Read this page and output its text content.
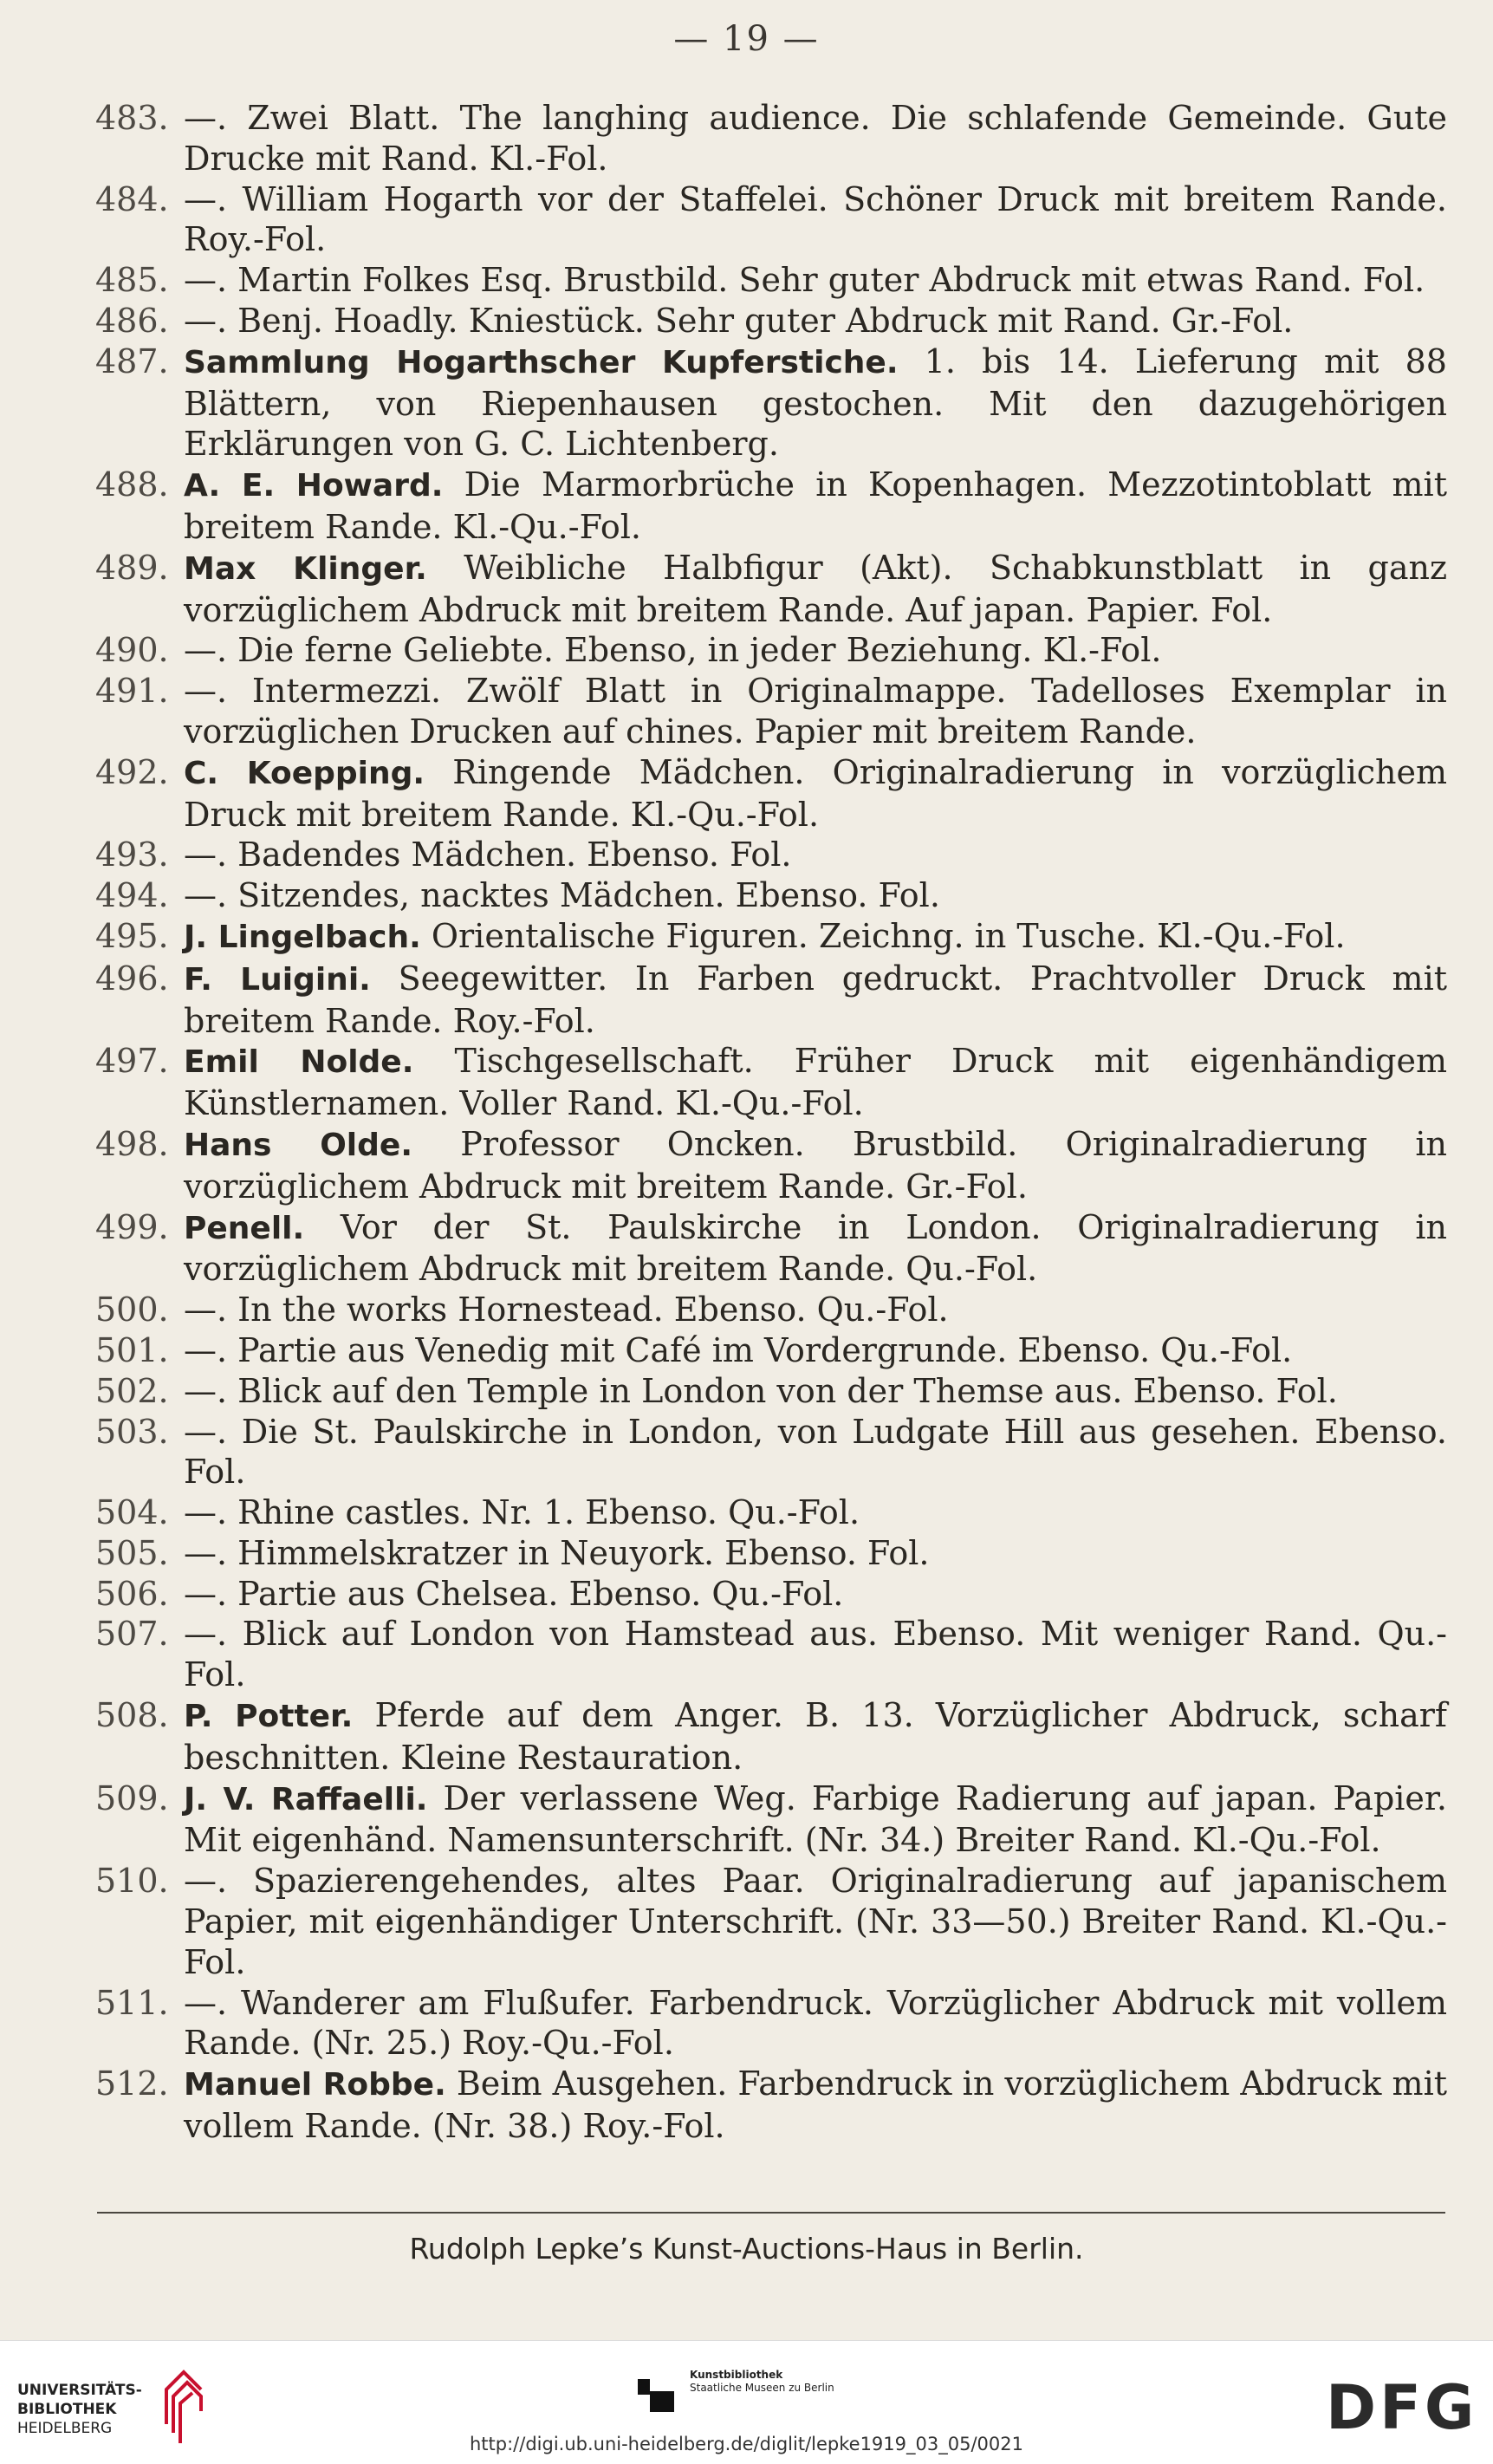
— 19 —
483. —. Zwei Blatt. The langhing audience. Die schlafende Gemeinde. Gute Drucke mit Rand. Kl.-Fol.
484. —. William Hogarth vor der Staffelei. Schöner Druck mit breitem Rande. Roy.-Fol.
485. —. Martin Folkes Esq. Brustbild. Sehr guter Abdruck mit etwas Rand. Fol.
486. —. Benj. Hoadly. Kniestück. Sehr guter Abdruck mit Rand. Gr.-Fol.
487. Sammlung Hogarthscher Kupferstiche. 1. bis 14. Lieferung mit 88 Blättern, von Riepenhausen gestochen. Mit den dazugehörigen Erklärungen von G. C. Lichtenberg.
488. A. E. Howard. Die Marmorbrüche in Kopenhagen. Mezzotintoblatt mit breitem Rande. Kl.-Qu.-Fol.
489. Max Klinger. Weibliche Halbfigur (Akt). Schabkunstblatt in ganz vorzüglichem Abdruck mit breitem Rande. Auf japan. Papier. Fol.
490. —. Die ferne Geliebte. Ebenso, in jeder Beziehung. Kl.-Fol.
491. —. Intermezzi. Zwölf Blatt in Originalmappe. Tadelloses Exemplar in vorzüglichen Drucken auf chines. Papier mit breitem Rande.
492. C. Koepping. Ringende Mädchen. Originalradierung in vorzüglichem Druck mit breitem Rande. Kl.-Qu.-Fol.
493. —. Badendes Mädchen. Ebenso. Fol.
494. —. Sitzendes, nacktes Mädchen. Ebenso. Fol.
495. J. Lingelbach. Orientalische Figuren. Zeichng. in Tusche. Kl.-Qu.-Fol.
496. F. Luigini. Seegewitter. In Farben gedruckt. Prachtvoller Druck mit breitem Rande. Roy.-Fol.
497. Emil Nolde. Tischgesellschaft. Früher Druck mit eigenhändigem Künstlernamen. Voller Rand. Kl.-Qu.-Fol.
498. Hans Olde. Professor Oncken. Brustbild. Originalradierung in vorzüglichem Abdruck mit breitem Rande. Gr.-Fol.
499. Penell. Vor der St. Paulskirche in London. Originalradierung in vorzüglichem Abdruck mit breitem Rande. Qu.-Fol.
500. —. In the works Hornestead. Ebenso. Qu.-Fol.
501. —. Partie aus Venedig mit Café im Vordergrunde. Ebenso. Qu.-Fol.
502. —. Blick auf den Temple in London von der Themse aus. Ebenso. Fol.
503. —. Die St. Paulskirche in London, von Ludgate Hill aus gesehen. Ebenso. Fol.
504. —. Rhine castles. Nr. 1. Ebenso. Qu.-Fol.
505. —. Himmelskratzer in Neuyork. Ebenso. Fol.
506. —. Partie aus Chelsea. Ebenso. Qu.-Fol.
507. —. Blick auf London von Hamstead aus. Ebenso. Mit weniger Rand. Qu.-Fol.
508. P. Potter. Pferde auf dem Anger. B. 13. Vorzüglicher Abdruck, scharf beschnitten. Kleine Restauration.
509. J. V. Raffaelli. Der verlassene Weg. Farbige Radierung auf japan. Papier. Mit eigenhänd. Namensunterschrift. (Nr. 34.) Breiter Rand. Kl.-Qu.-Fol.
510. —. Spazierengehendes, altes Paar. Originalradierung auf japanischem Papier, mit eigenhändiger Unterschrift. (Nr. 33—50.) Breiter Rand. Kl.-Qu.-Fol.
511. —. Wanderer am Flußufer. Farbendruck. Vorzüglicher Abdruck mit vollem Rande. (Nr. 25.) Roy.-Qu.-Fol.
512. Manuel Robbe. Beim Ausgehen. Farbendruck in vorzüglichem Abdruck mit vollem Rande. (Nr. 38.) Roy.-Fol.
Rudolph Lepke’s Kunst-Auctions-Haus in Berlin.
UNIVERSITÄTS-
BIBLIOTHEK
HEIDELBERG
Kunstbibliothek
Staatliche Museen zu Berlin	DFG
http://digi.ub.uni-heidelberg.de/diglit/lepke1919_03_05/0021
